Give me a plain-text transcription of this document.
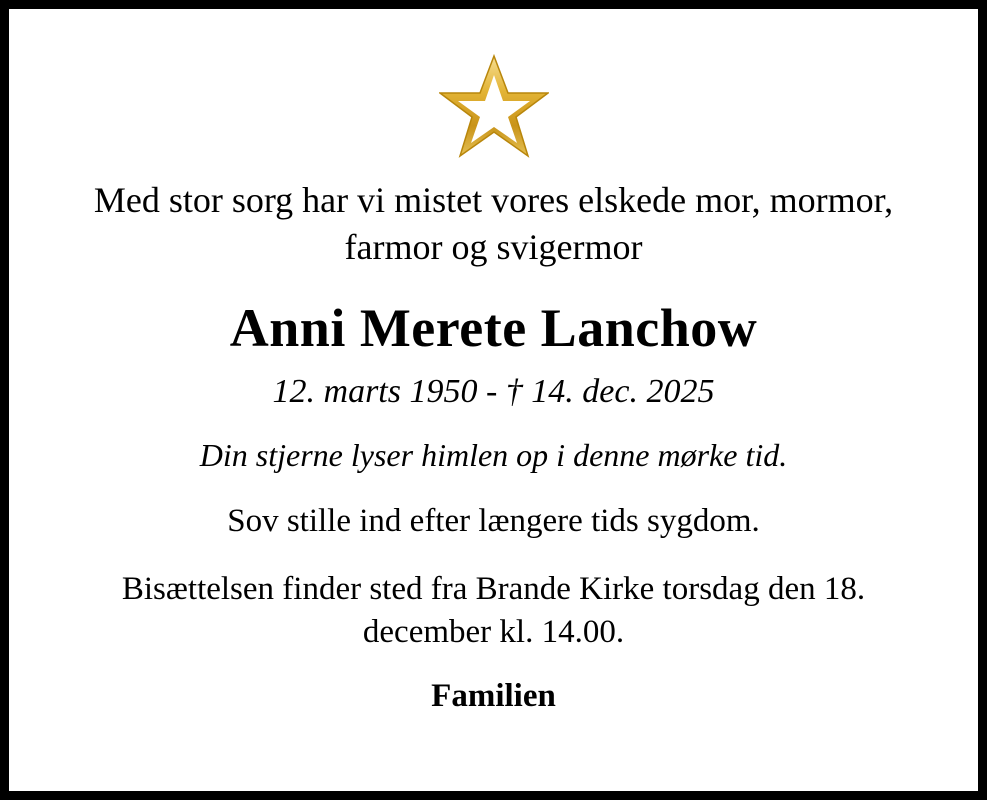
Med stor sorg har vi mistet vores elskede mor, mormor, farmor og svigermor

Anni Merete Lanchow

12. marts 1950 - † 14. dec. 2025

Din stjerne lyser himlen op i denne mørke tid.

Sov stille ind efter længere tids sygdom.

Bisættelsen finder sted fra Brande Kirke torsdag den 18. december kl. 14.00.

Familien
